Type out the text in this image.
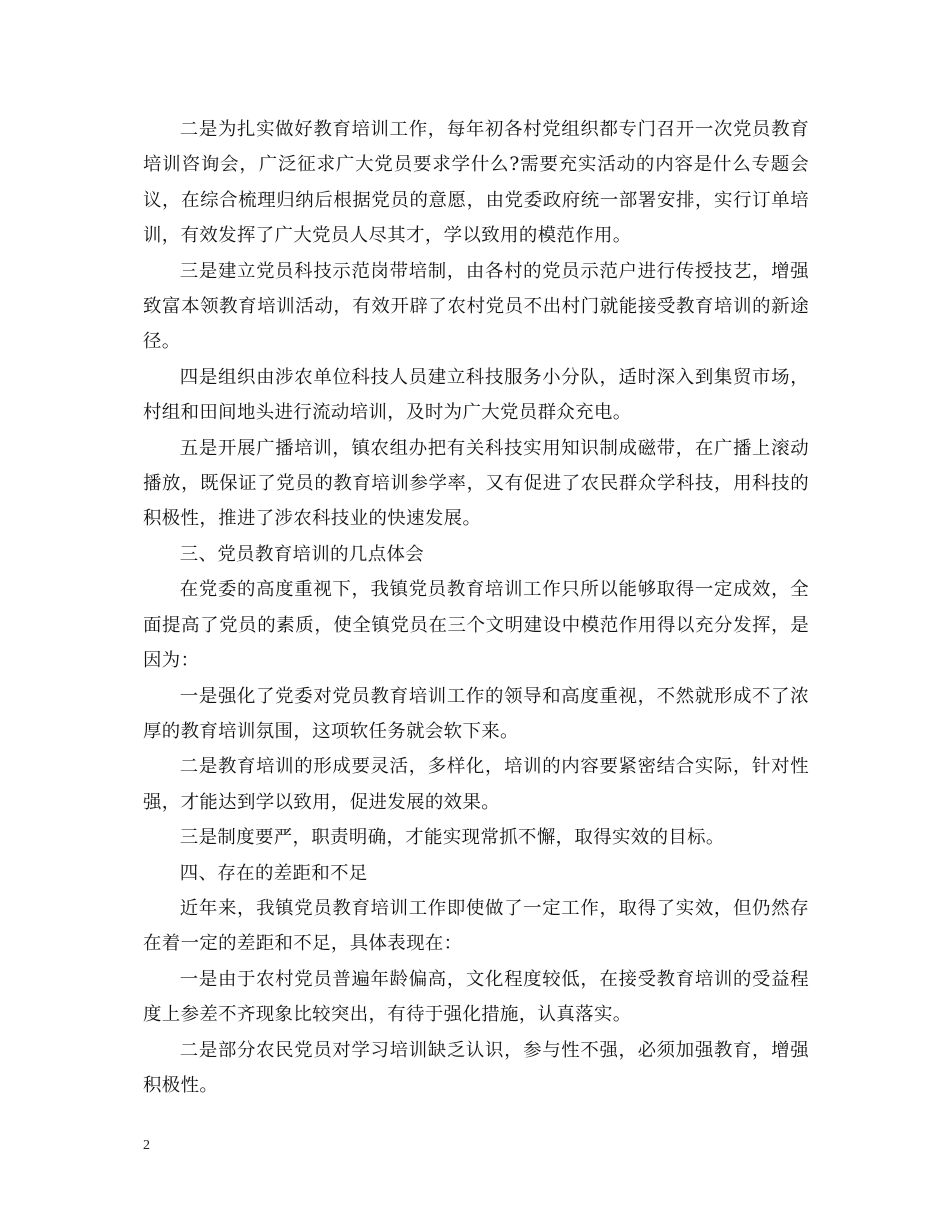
二是为扎实做好教育培训工作，每年初各村党组织都专门召开一次党员教育培训咨询会，广泛征求广大党员要求学什么?需要充实活动的内容是什么专题会议，在综合梳理归纳后根据党员的意愿，由党委政府统一部署安排，实行订单培训，有效发挥了广大党员人尽其才，学以致用的模范作用。

三是建立党员科技示范岗带培制，由各村的党员示范户进行传授技艺，增强致富本领教育培训活动，有效开辟了农村党员不出村门就能接受教育培训的新途径。

四是组织由涉农单位科技人员建立科技服务小分队，适时深入到集贸市场，村组和田间地头进行流动培训，及时为广大党员群众充电。

五是开展广播培训，镇农组办把有关科技实用知识制成磁带，在广播上滚动播放，既保证了党员的教育培训参学率，又有促进了农民群众学科技，用科技的积极性，推进了涉农科技业的快速发展。

三、党员教育培训的几点体会

在党委的高度重视下，我镇党员教育培训工作只所以能够取得一定成效，全面提高了党员的素质，使全镇党员在三个文明建设中模范作用得以充分发挥，是因为：

一是强化了党委对党员教育培训工作的领导和高度重视，不然就形成不了浓厚的教育培训氛围，这项软任务就会软下来。

二是教育培训的形成要灵活，多样化，培训的内容要紧密结合实际，针对性强，才能达到学以致用，促进发展的效果。

三是制度要严，职责明确，才能实现常抓不懈，取得实效的目标。

四、存在的差距和不足

近年来，我镇党员教育培训工作即使做了一定工作，取得了实效，但仍然存在着一定的差距和不足，具体表现在：

一是由于农村党员普遍年龄偏高，文化程度较低，在接受教育培训的受益程度上参差不齐现象比较突出，有待于强化措施，认真落实。

二是部分农民党员对学习培训缺乏认识，参与性不强，必须加强教育，增强积极性。

2
